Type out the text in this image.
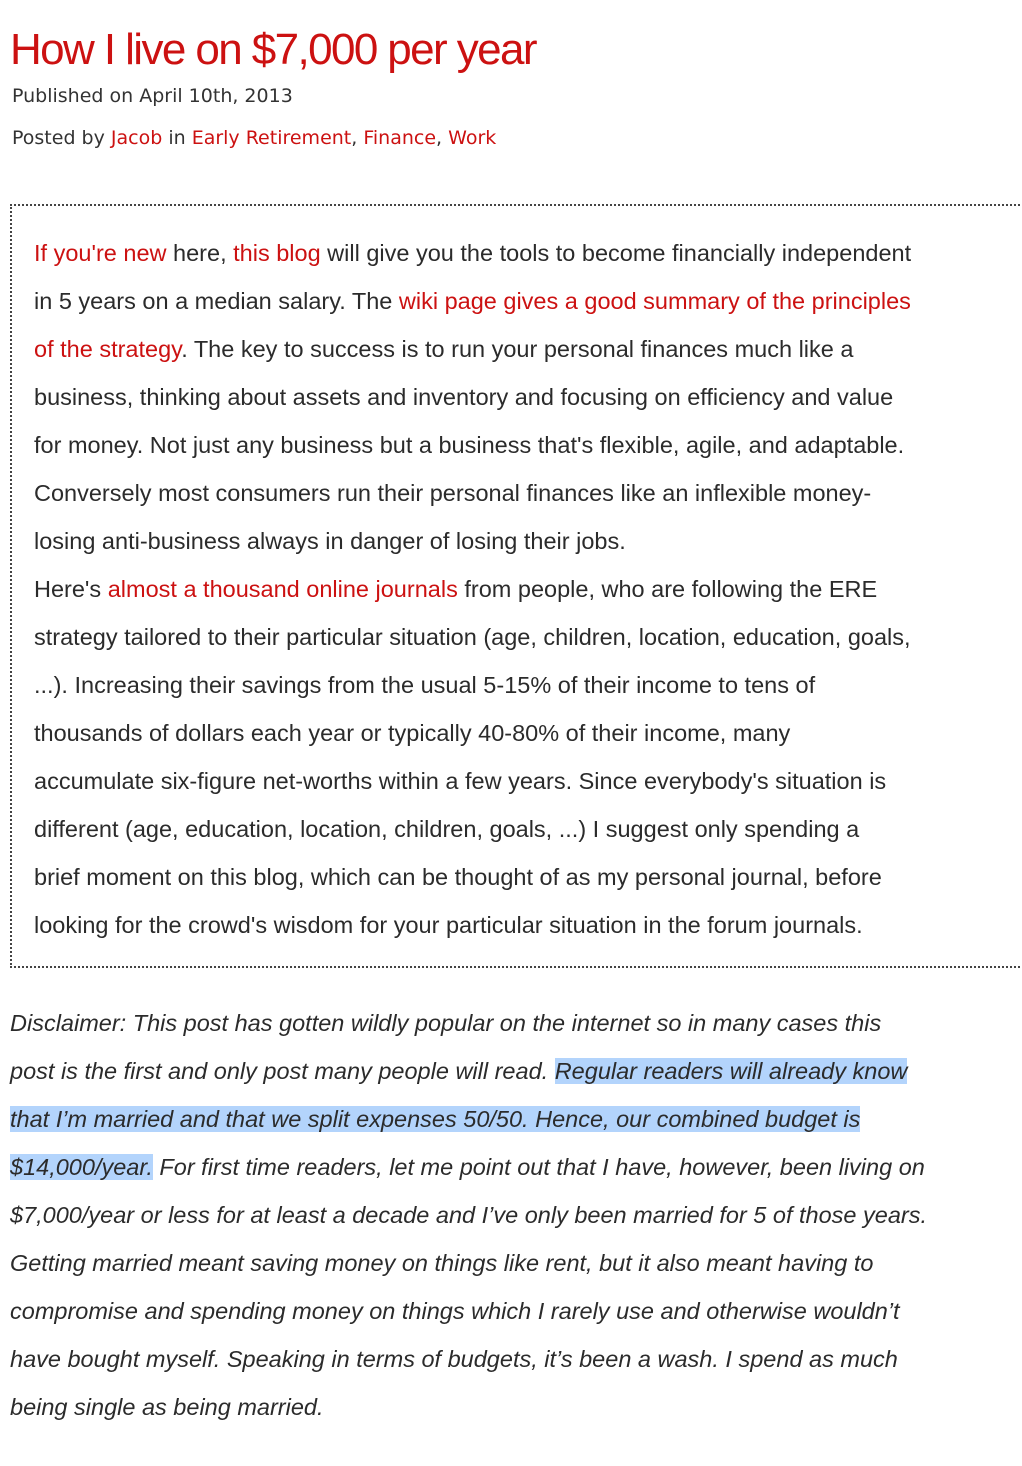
How I live on $7,000 per year
Published on April 10th, 2013
Posted by Jacob in Early Retirement, Finance, Work

If you're new here, this blog will give you the tools to become financially independent

in 5 years on a median salary. The wiki page gives a good summary of the principles

of the strategy. The key to success is to run your personal finances much like a

business, thinking about assets and inventory and focusing on efficiency and value

for money. Not just any business but a business that's flexible, agile, and adaptable.

Conversely most consumers run their personal finances like an inflexible money-

losing anti-business always in danger of losing their jobs.

Here's almost a thousand online journals from people, who are following the ERE

strategy tailored to their particular situation (age, children, location, education, goals,

...). Increasing their savings from the usual 5-15% of their income to tens of

thousands of dollars each year or typically 40-80% of their income, many

accumulate six-figure net-worths within a few years. Since everybody's situation is

different (age, education, location, children, goals, ...) I suggest only spending a

brief moment on this blog, which can be thought of as my personal journal, before

looking for the crowd's wisdom for your particular situation in the forum journals.

Disclaimer: This post has gotten wildly popular on the internet so in many cases this
post is the first and only post many people will read. Regular readers will already know
that I’m married and that we split expenses 50/50. Hence, our combined budget is
$14,000/year. For first time readers, let me point out that I have, however, been living on
$7,000/year or less for at least a decade and I’ve only been married for 5 of those years.
Getting married meant saving money on things like rent, but it also meant having to
compromise and spending money on things which I rarely use and otherwise wouldn’t
have bought myself. Speaking in terms of budgets, it’s been a wash. I spend as much
being single as being married.
